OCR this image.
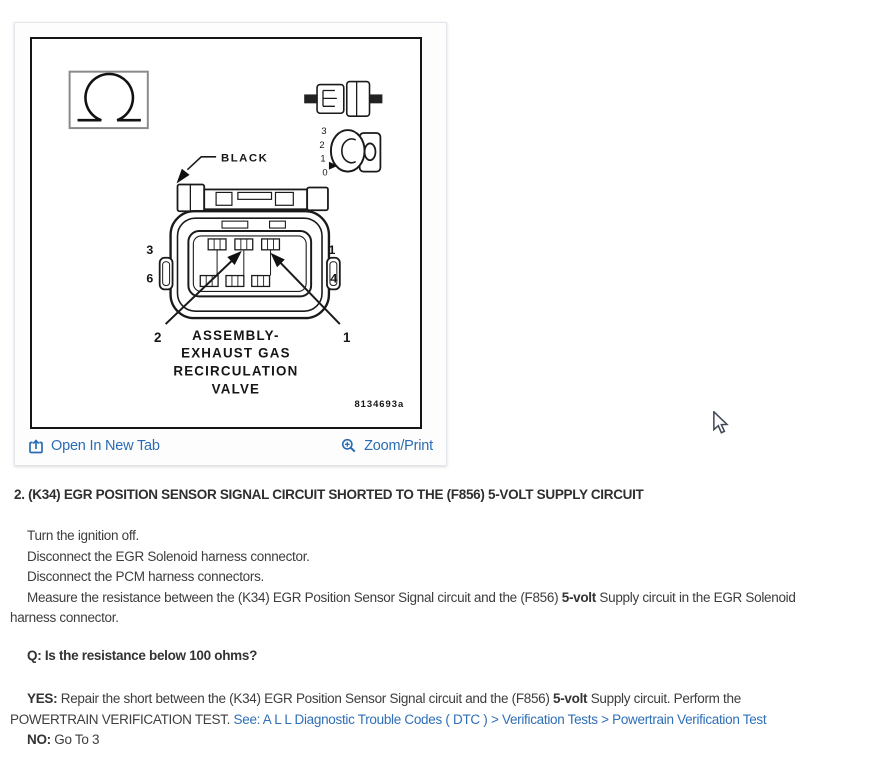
3
2
1
0
BLACK
3
6
1
4
2	1
ASSEMBLY-
EXHAUST GAS
RECIRCULATION
VALVE
8134693a
Open In New Tab	Zoom/Print
2. (K34) EGR POSITION SENSOR SIGNAL CIRCUIT SHORTED TO THE (F856) 5-VOLT SUPPLY CIRCUIT
Turn the ignition off.
Disconnect the EGR Solenoid harness connector.
Disconnect the PCM harness connectors.
Measure the resistance between the (K34) EGR Position Sensor Signal circuit and the (F856) 5-volt Supply circuit in the EGR Solenoid
harness connector.
Q: Is the resistance below 100 ohms?
YES: Repair the short between the (K34) EGR Position Sensor Signal circuit and the (F856) 5-volt Supply circuit. Perform the
POWERTRAIN VERIFICATION TEST. See: A L L Diagnostic Trouble Codes ( DTC ) > Verification Tests > Powertrain Verification Test
NO: Go To 3
